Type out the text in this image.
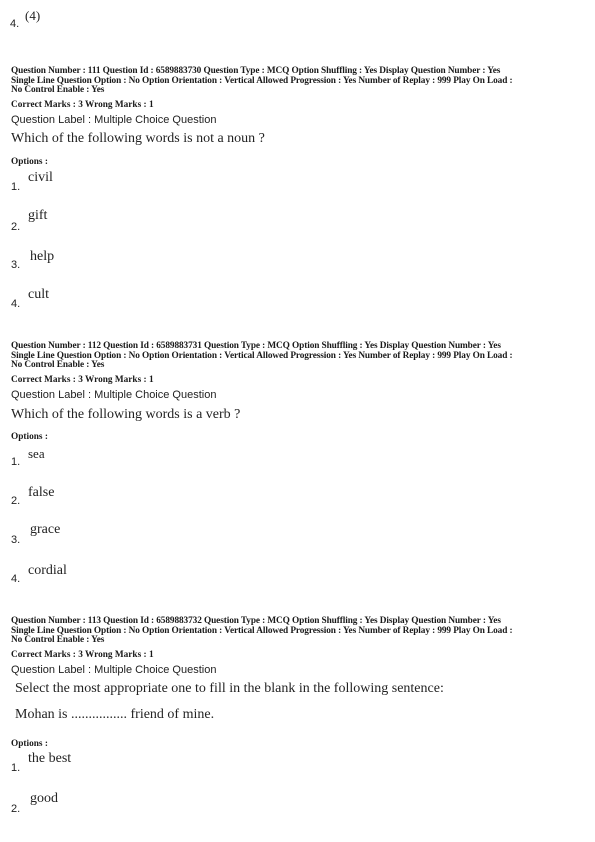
4.
(4)
Question Number : 111 Question Id : 6589883730 Question Type : MCQ Option Shuffling : Yes Display Question Number : Yes
Single Line Question Option : No Option Orientation : Vertical Allowed Progression : Yes Number of Replay : 999 Play On Load :
No Control Enable : Yes
Correct Marks : 3 Wrong Marks : 1
Question Label : Multiple Choice Question
Which of the following words is not a noun ?
Options :
1.
civil
2.
gift
3.
help
4.
cult
Question Number : 112 Question Id : 6589883731 Question Type : MCQ Option Shuffling : Yes Display Question Number : Yes
Single Line Question Option : No Option Orientation : Vertical Allowed Progression : Yes Number of Replay : 999 Play On Load :
No Control Enable : Yes
Correct Marks : 3 Wrong Marks : 1
Question Label : Multiple Choice Question
Which of the following words is a verb ?
Options :
1.
sea
2.
false
3.
grace
4.
cordial
Question Number : 113 Question Id : 6589883732 Question Type : MCQ Option Shuffling : Yes Display Question Number : Yes
Single Line Question Option : No Option Orientation : Vertical Allowed Progression : Yes Number of Replay : 999 Play On Load :
No Control Enable : Yes
Correct Marks : 3 Wrong Marks : 1
Question Label : Multiple Choice Question
Select the most appropriate one to fill in the blank in the following sentence:
Mohan is ................ friend of mine.
Options :
1.
the best
2.
good
